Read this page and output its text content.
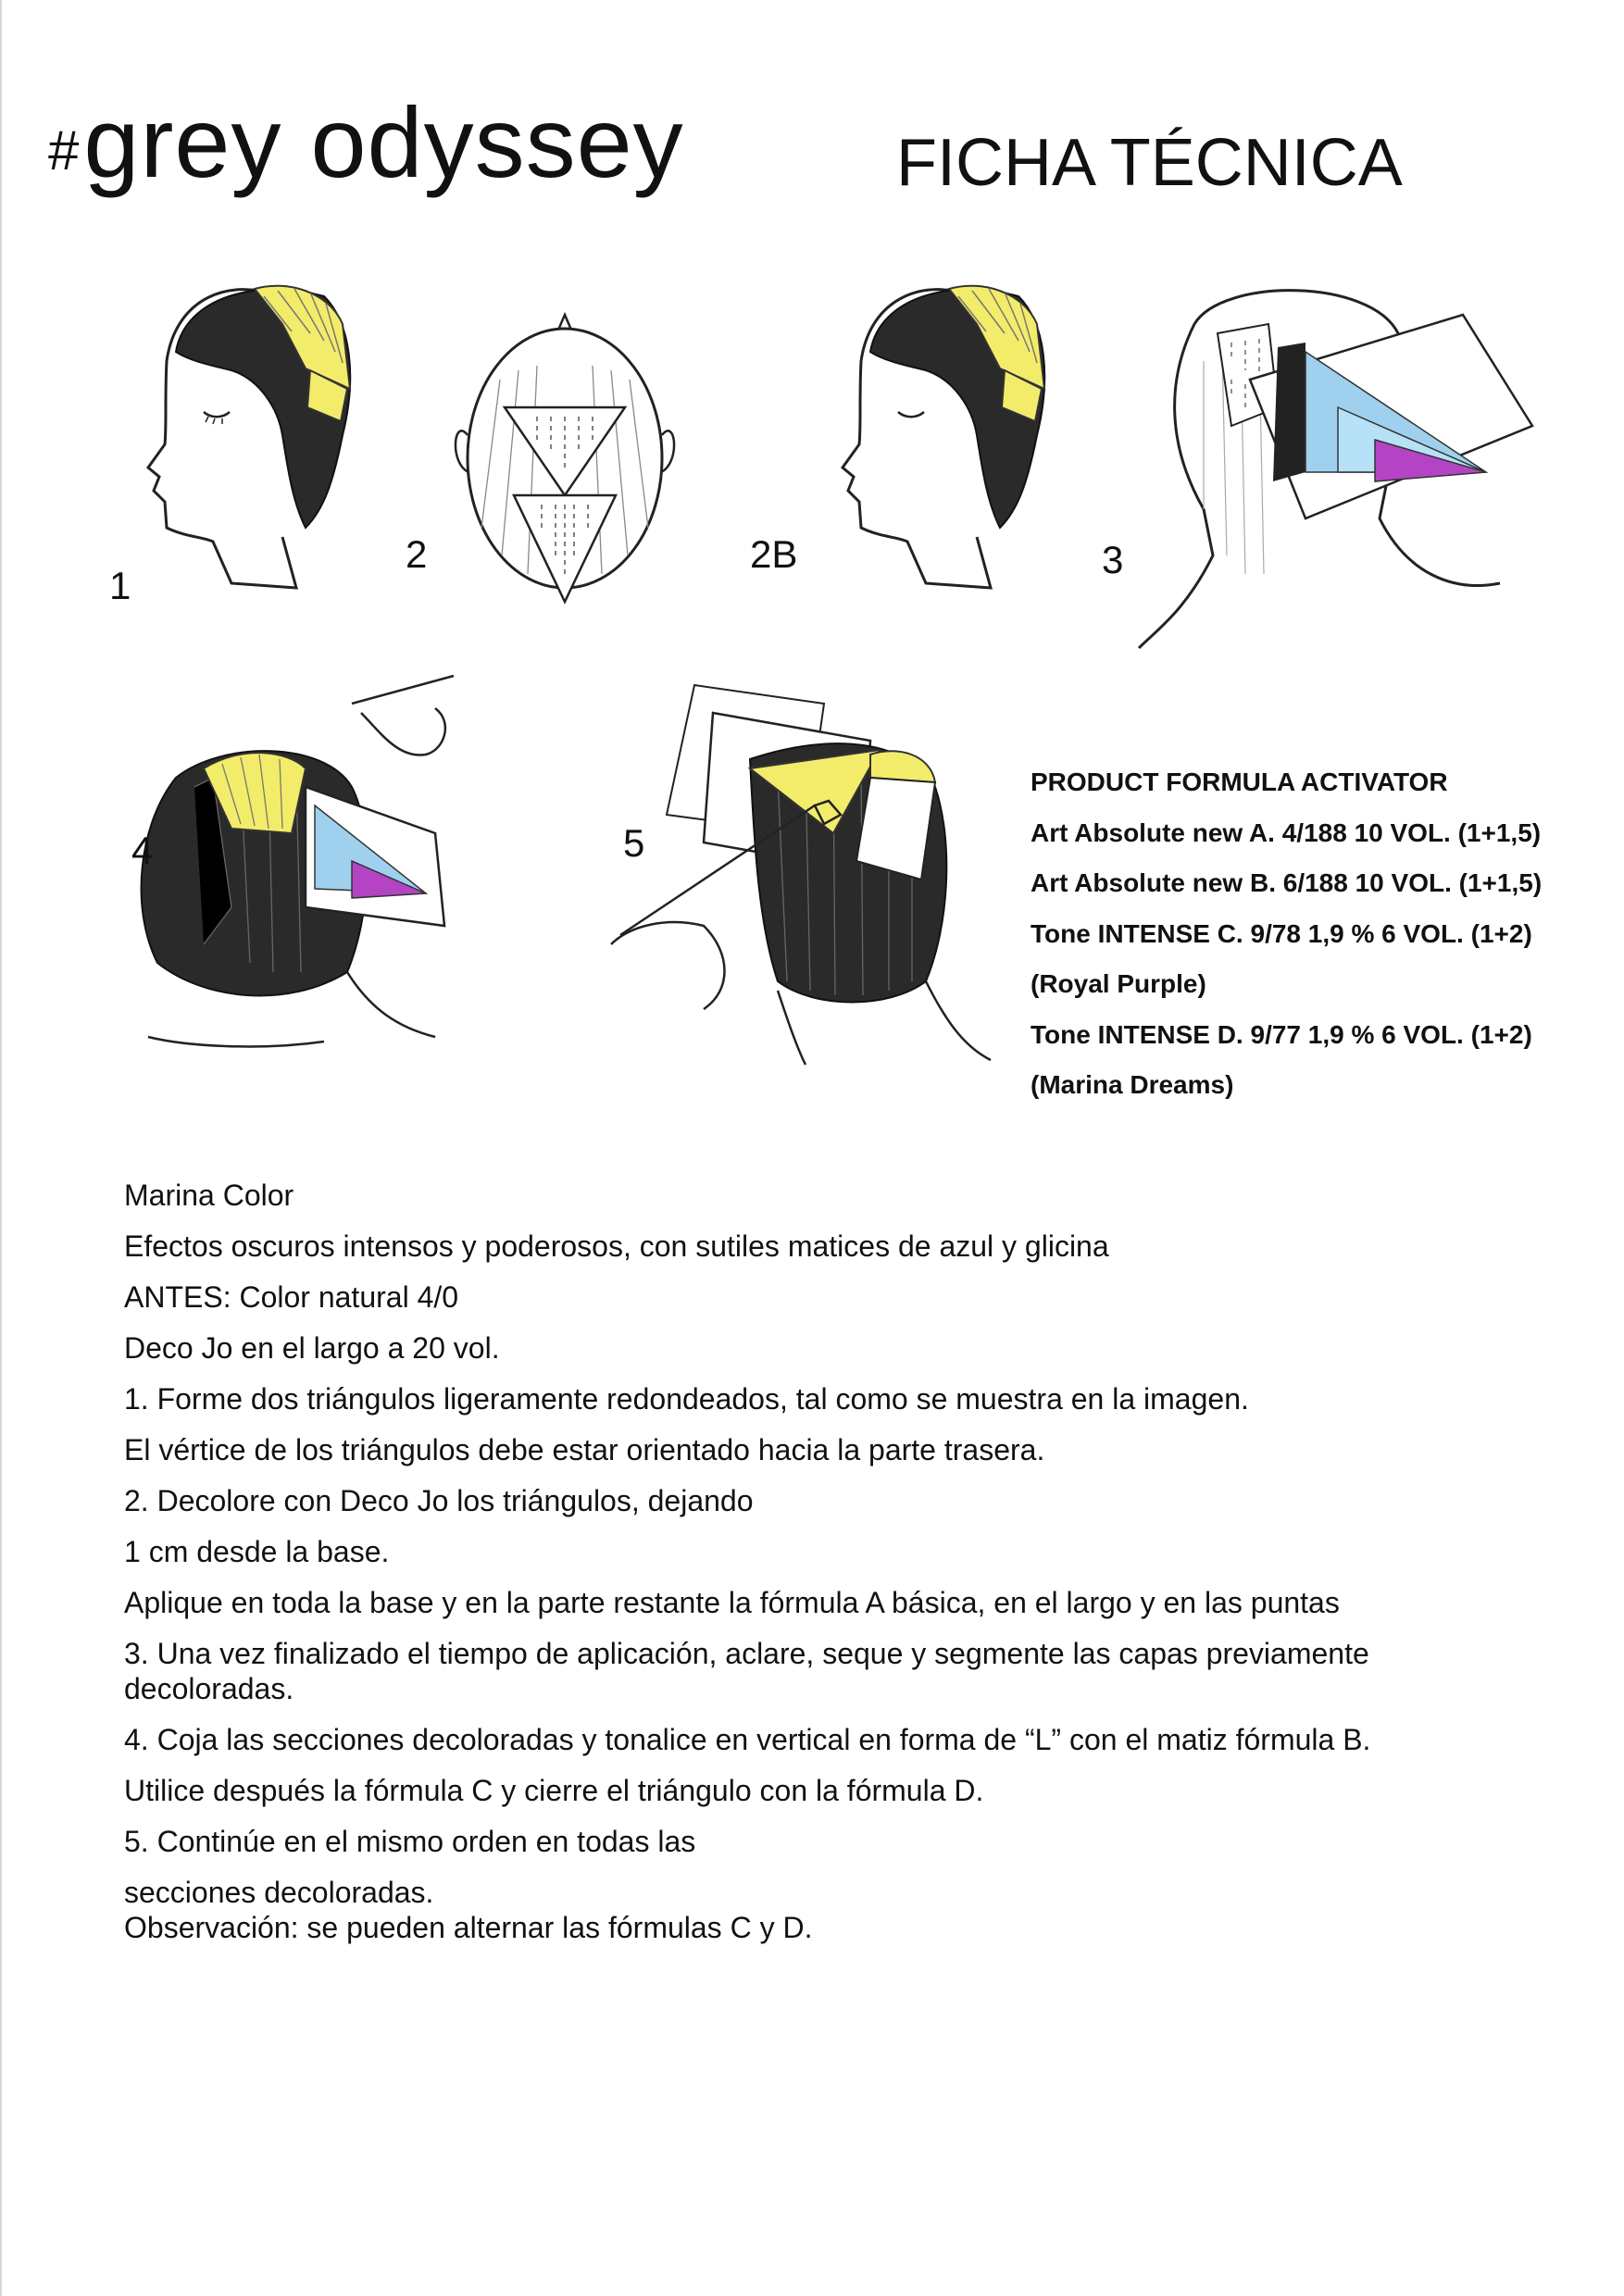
#grey odyssey	FICHA TÉCNICA
1
2	2B	3
4	5
PRODUCT FORMULA ACTIVATOR
Art Absolute new A. 4/188 10 VOL. (1+1,5)
Art Absolute new B. 6/188 10 VOL. (1+1,5)
Tone INTENSE C. 9/78 1,9 % 6 VOL. (1+2)
(Royal Purple)
Tone INTENSE D. 9/77 1,9 % 6 VOL. (1+2)
(Marina Dreams)
Marina Color
Efectos oscuros intensos y poderosos, con sutiles matices de azul y glicina
ANTES: Color natural 4/0
Deco Jo en el largo a 20 vol.
1. Forme dos triángulos ligeramente redondeados, tal como se muestra en la imagen.
El vértice de los triángulos debe estar orientado hacia la parte trasera.
2. Decolore con Deco Jo los triángulos, dejando
1 cm desde la base.
Aplique en toda la base y en la parte restante la fórmula A básica, en el largo y en las puntas
3. Una vez finalizado el tiempo de aplicación, aclare, seque y segmente las capas previamente decoloradas.
4. Coja las secciones decoloradas y tonalice en vertical en forma de “L” con el matiz fórmula B.
Utilice después la fórmula C y cierre el triángulo con la fórmula D.
5. Continúe en el mismo orden en todas las
secciones decoloradas.
Observación: se pueden alternar las fórmulas C y D.
